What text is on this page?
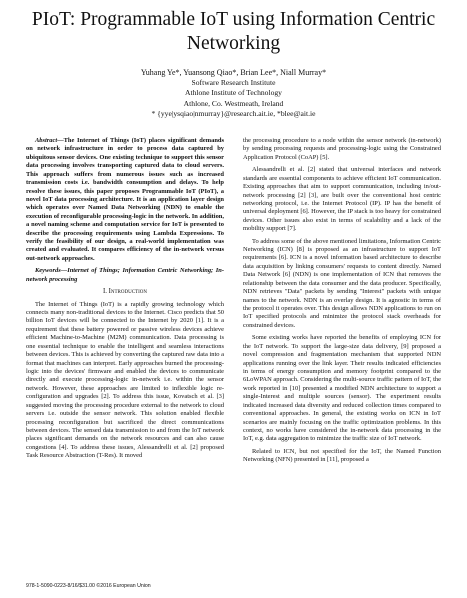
PIoT: Programmable IoT using Information Centric Networking
Yuhang Ye*, Yuansong Qiao*, Brian Lee*, Niall Murray*
Software Research Institute
Athlone Institute of Technology
Athlone, Co. Westmeath, Ireland
* {yye|ysqiao|nmurray}@research.ait.ie, *blee@ait.ie

Abstract—The Internet of Things (IoT) places significant demands on network infrastructure in order to process data captured by ubiquitous sensor devices. One existing technique to support this sensor data processing involves transporting captured data to cloud servers. This approach suffers from numerous issues such as increased transmission costs i.e. bandwidth consumption and delays. To help resolve these issues, this paper proposes Programmable IoT (PIoT), a novel IoT data processing architecture. It is an application layer design which operates over Named Data Networking (NDN) to enable the execution of reconfigurable processing-logic in the network. In addition, a novel naming scheme and computation service for IoT is presented to describe the processing requirements using Lambda Expressions. To verify the feasibility of our design, a real-world implementation was created and evaluated. It compares efficiency of the in-network versus out-network approaches.

Keywords—Internet of Things; Information Centric Networking; In-network processing

I. Introduction

The Internet of Things (IoT) is a rapidly growing technology which connects many non-traditional devices to the Internet. Cisco predicts that 50 billion IoT devices will be connected to the Internet by 2020 [1]. It is a requirement that these battery powered or passive wireless devices achieve efficient Machine-to-Machine (M2M) communication. Data processing is one essential technique to enable the intelligent and seamless interactions between devices. This is achieved by converting the captured raw data into a format that machines can interpret. Early approaches burned the processing-logic into the devices' firmware and enabled the devices to communicate directly and execute processing-logic in-network i.e. within the sensor network. However, these approaches are limited to inflexible logic re-configuration and upgrades [2]. To address this issue, Kovatsch et al. [3] suggested moving the processing procedure external to the network to cloud servers i.e. outside the sensor network. This solution enabled flexible processing reconfiguration but sacrificed the direct communications between devices. The sensed data transmission to and from the IoT network places significant demands on the network resources and can also cause congestions [4]. To address these issues, Alessandrelli et al. [2] proposed Task Resource Abstraction (T-Res). It moved

the processing procedure to a node within the sensor network (in-network) by sending processing requests and processing-logic using the Constrained Application Protocol (CoAP) [5].

Alessandrelli et al. [2] stated that universal interfaces and network standards are essential components to achieve efficient IoT communication. Existing approaches that aim to support communication, including in/out-network processing [2] [3], are built over the conventional host centric networking protocol, i.e. the Internet Protocol (IP). IP has the benefit of universal deployment [6]. However, the IP stack is too heavy for constrained devices. Other issues also exist in terms of scalability and a lack of the mobility support [7].

To address some of the above mentioned limitations, Information Centric Networking (ICN) [8] is proposed as an infrastructure to support IoT requirements [6]. ICN is a novel information based architecture to describe data acquisition by linking consumers' requests to content directly. Named Data Network [6] (NDN) is one implementation of ICN that removes the relationship between the data consumer and the data producer. Specifically, NDN retrieves "Data" packets by sending "Interest" packets with unique names to the network. NDN is an overlay design. It is agnostic in terms of the protocol it operates over. This design allows NDN applications to run on IoT specified protocols and minimize the protocol stack overheads for constrained devices.

Some existing works have reported the benefits of employing ICN for the IoT network. To support the large-size data delivery, [9] proposed a novel compression and fragmentation mechanism that supported NDN applications running over the link layer. Their results indicated efficiencies in terms of energy consumption and memory footprint compared to the 6LoWPAN approach. Considering the multi-source traffic pattern of IoT, the work reported in [10] presented a modified NDN architecture to support a single-Interest and multiple sources (sensor). The experiment results indicated increased data diversity and reduced collection times compared to conventional approaches. In general, the existing works on ICN in IoT scenarios are mainly focusing on the traffic optimization problems. In this context, no works have considered the in-network data processing in the IoT, e.g. data aggregation to minimize the traffic size of IoT network.

Related to ICN, but not specified for the IoT, the Named Function Networking (NFN) presented in [11], proposed a

978-1-5090-0223-8/16/$31.00 ©2016 European Union
